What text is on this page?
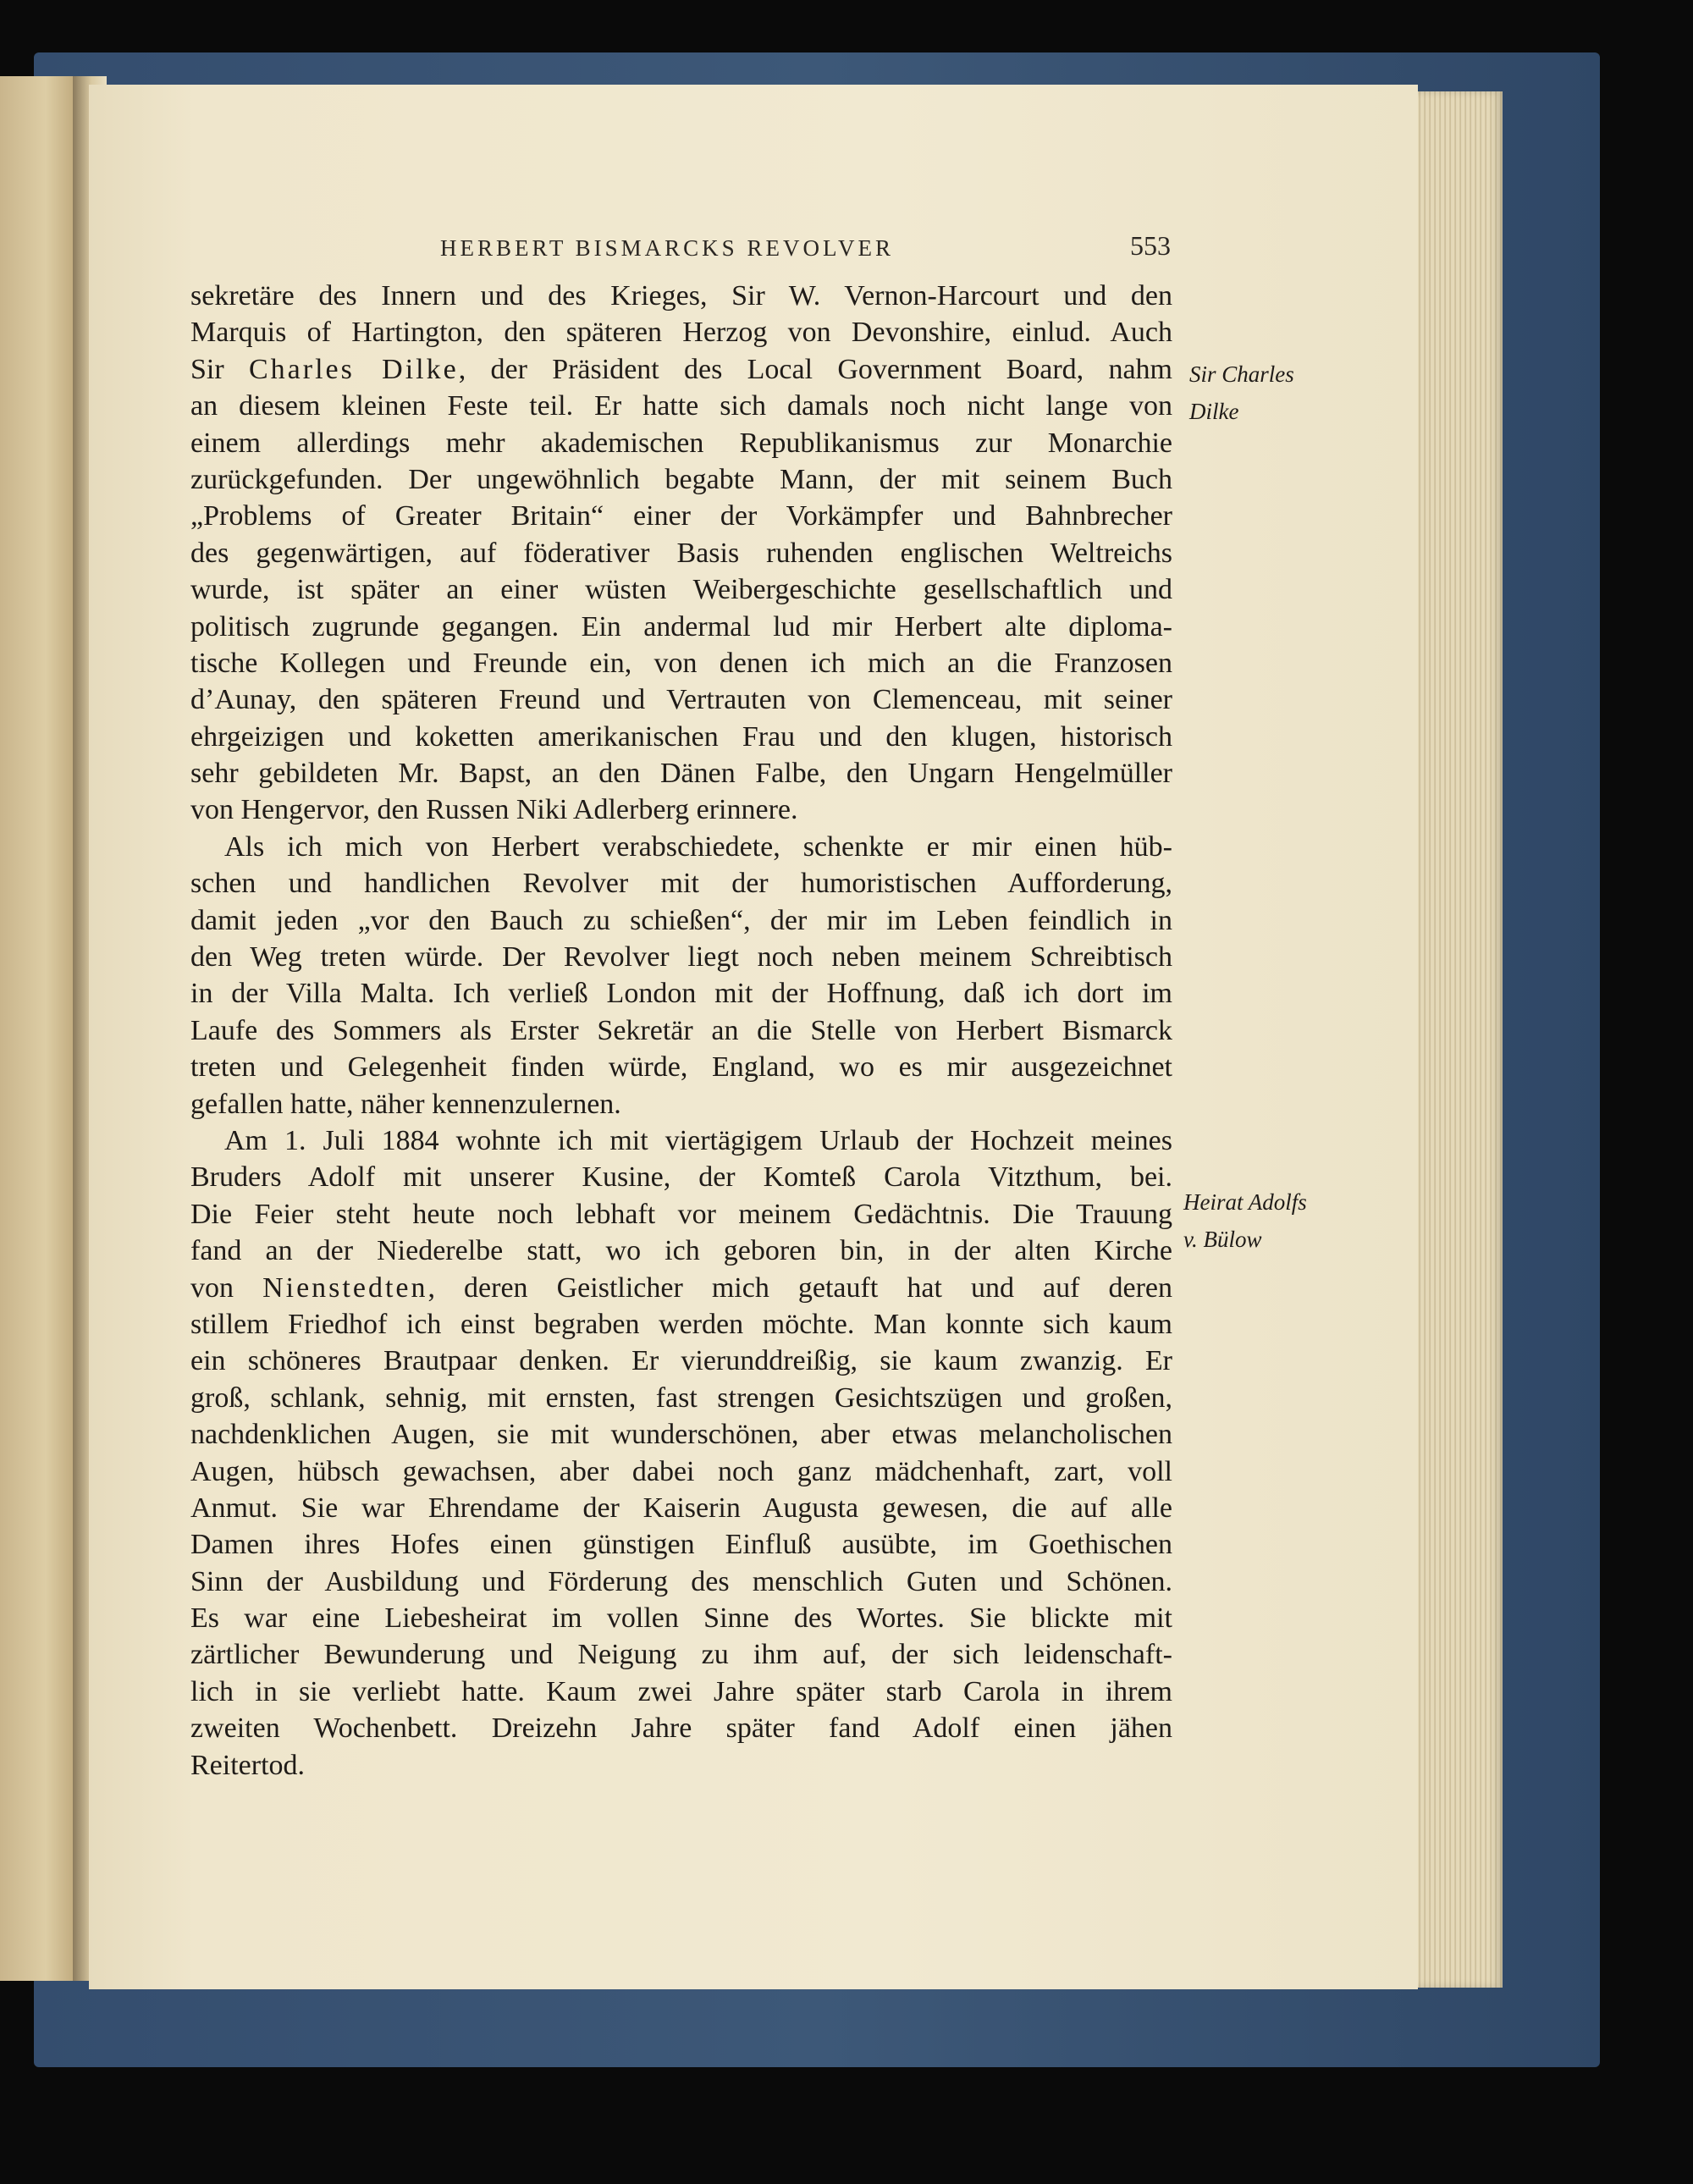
HERBERT BISMARCKS REVOLVER	553
sekretäre des Innern und des Krieges, Sir W. Vernon-Harcourt und den
Marquis of Hartington, den späteren Herzog von Devonshire, einlud. Auch
Sir Charles Dilke, der Präsident des Local Government Board, nahm
an diesem kleinen Feste teil. Er hatte sich damals noch nicht lange von
einem allerdings mehr akademischen Republikanismus zur Monarchie
zurückgefunden. Der ungewöhnlich begabte Mann, der mit seinem Buch
„Problems of Greater Britain“ einer der Vorkämpfer und Bahnbrecher
des gegenwärtigen, auf föderativer Basis ruhenden englischen Weltreichs
wurde, ist später an einer wüsten Weibergeschichte gesellschaftlich und
politisch zugrunde gegangen. Ein andermal lud mir Herbert alte diploma-
tische Kollegen und Freunde ein, von denen ich mich an die Franzosen
d’Aunay, den späteren Freund und Vertrauten von Clemenceau, mit seiner
ehrgeizigen und koketten amerikanischen Frau und den klugen, historisch
sehr gebildeten Mr. Bapst, an den Dänen Falbe, den Ungarn Hengelmüller
von Hengervor, den Russen Niki Adlerberg erinnere.
Als ich mich von Herbert verabschiedete, schenkte er mir einen hüb-
schen und handlichen Revolver mit der humoristischen Aufforderung,
damit jeden „vor den Bauch zu schießen“, der mir im Leben feindlich in
den Weg treten würde. Der Revolver liegt noch neben meinem Schreibtisch
in der Villa Malta. Ich verließ London mit der Hoffnung, daß ich dort im
Laufe des Sommers als Erster Sekretär an die Stelle von Herbert Bismarck
treten und Gelegenheit finden würde, England, wo es mir ausgezeichnet
gefallen hatte, näher kennenzulernen.
Am 1. Juli 1884 wohnte ich mit viertägigem Urlaub der Hochzeit meines
Bruders Adolf mit unserer Kusine, der Komteß Carola Vitzthum, bei.
Die Feier steht heute noch lebhaft vor meinem Gedächtnis. Die Trauung
fand an der Niederelbe statt, wo ich geboren bin, in der alten Kirche
von Nienstedten, deren Geistlicher mich getauft hat und auf deren
stillem Friedhof ich einst begraben werden möchte. Man konnte sich kaum
ein schöneres Brautpaar denken. Er vierunddreißig, sie kaum zwanzig. Er
groß, schlank, sehnig, mit ernsten, fast strengen Gesichtszügen und großen,
nachdenklichen Augen, sie mit wunderschönen, aber etwas melancholischen
Augen, hübsch gewachsen, aber dabei noch ganz mädchenhaft, zart, voll
Anmut. Sie war Ehrendame der Kaiserin Augusta gewesen, die auf alle
Damen ihres Hofes einen günstigen Einfluß ausübte, im Goethischen
Sinn der Ausbildung und Förderung des menschlich Guten und Schönen.
Es war eine Liebesheirat im vollen Sinne des Wortes. Sie blickte mit
zärtlicher Bewunderung und Neigung zu ihm auf, der sich leidenschaft-
lich in sie verliebt hatte. Kaum zwei Jahre später starb Carola in ihrem
zweiten Wochenbett. Dreizehn Jahre später fand Adolf einen jähen
Reitertod.
Sir Charles
Dilke
Heirat Adolfs
v. Bülow
